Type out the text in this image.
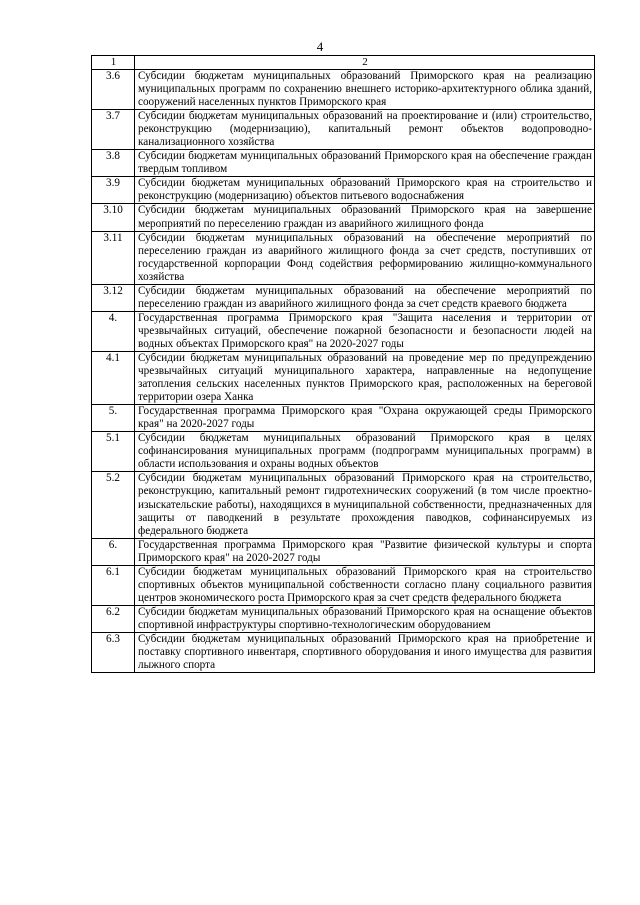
4
1	2
3.6	Субсидии бюджетам муниципальных образований Приморского края на реализацию муниципальных программ по сохранению внешнего историко-архитектурного облика зданий, сооружений населенных пунктов Приморского края
3.7	Субсидии бюджетам муниципальных образований на проектирование и (или) строительство, реконструкцию (модернизацию), капитальный ремонт объектов водопроводно-канализационного хозяйства
3.8	Субсидии бюджетам муниципальных образований Приморского края на обеспечение граждан твердым топливом
3.9	Субсидии бюджетам муниципальных образований Приморского края на строительство и реконструкцию (модернизацию) объектов питьевого водоснабжения
3.10	Субсидии бюджетам муниципальных образований Приморского края на завершение мероприятий по переселению граждан из аварийного жилищного фонда
3.11	Субсидии бюджетам муниципальных образований на обеспечение мероприятий по переселению граждан из аварийного жилищного фонда за счет средств, поступивших от государственной корпорации Фонд содействия реформированию жилищно-коммунального хозяйства
3.12	Субсидии бюджетам муниципальных образований на обеспечение мероприятий по переселению граждан из аварийного жилищного фонда за счет средств краевого бюджета
4.	Государственная программа Приморского края "Защита населения и территории от чрезвычайных ситуаций, обеспечение пожарной безопасности и безопасности людей на водных объектах Приморского края" на 2020-2027 годы
4.1	Субсидии бюджетам муниципальных образований на проведение мер по предупреждению чрезвычайных ситуаций муниципального характера, направленные на недопущение затопления сельских населенных пунктов Приморского края, расположенных на береговой территории озера Ханка
5.	Государственная программа Приморского края "Охрана окружающей среды Приморского края" на 2020-2027 годы
5.1	Субсидии бюджетам муниципальных образований Приморского края в целях софинансирования муниципальных программ (подпрограмм муниципальных программ) в области использования и охраны водных объектов
5.2	Субсидии бюджетам муниципальных образований Приморского края на строительство, реконструкцию, капитальный ремонт гидротехнических сооружений (в том числе проектно-изыскательские работы), находящихся в муниципальной собственности, предназначенных для защиты от паводкений в результате прохождения паводков, софинансируемых из федерального бюджета
6.	Государственная программа Приморского края "Развитие физической культуры и спорта Приморского края" на 2020-2027 годы
6.1	Субсидии бюджетам муниципальных образований Приморского края на строительство спортивных объектов муниципальной собственности согласно плану социального развития центров экономического роста Приморского края за счет средств федерального бюджета
6.2	Субсидии бюджетам муниципальных образований Приморского края на оснащение объектов спортивной инфраструктуры спортивно-технологическим оборудованием
6.3	Субсидии бюджетам муниципальных образований Приморского края на приобретение и поставку спортивного инвентаря, спортивного оборудования и иного имущества для развития лыжного спорта
